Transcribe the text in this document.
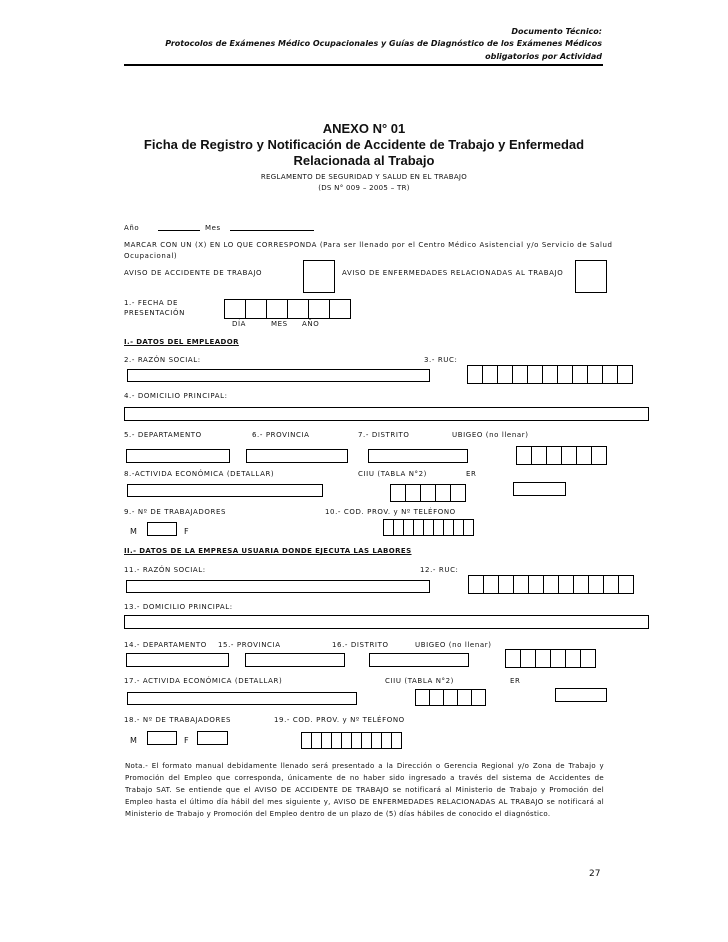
Documento Técnico:
Protocolos de Exámenes Médico Ocupacionales y Guías de Diagnóstico de los Exámenes Médicos
obligatorios por Actividad
ANEXO N° 01
Ficha de Registro y Notificación de Accidente de Trabajo y Enfermedad
Relacionada al Trabajo
REGLAMENTO DE SEGURIDAD Y SALUD EN EL TRABAJO
(DS N° 009 – 2005 – TR)
Año	Mes
MARCAR CON UN (X) EN LO QUE CORRESPONDA (Para ser llenado por el Centro Médico Asistencial y/o Servicio de Salud
Ocupacional)
AVISO DE ACCIDENTE DE TRABAJO	AVISO DE ENFERMEDADES RELACIONADAS AL TRABAJO
1.- FECHA DE
PRESENTACIÓN
DÍA	MES AÑO
I.- DATOS DEL EMPLEADOR
2.- RAZÓN SOCIAL:	3.- RUC:
4.- DOMICILIO PRINCIPAL:
5.- DEPARTAMENTO	6.- PROVINCIA	7.- DISTRITO	UBIGEO (no llenar)
8.-ACTIVIDA ECONÓMICA (DETALLAR)	CIIU (TABLA N°2)	ER
9.- Nº DE TRABAJADORES	10.- COD. PROV. y Nº TELÉFONO
M	F
II.- DATOS DE LA EMPRESA USUARIA DONDE EJECUTA LAS LABORES
11.- RAZÓN SOCIAL:	12.- RUC:
13.- DOMICILIO PRINCIPAL:
14.- DEPARTAMENTO 15.- PROVINCIA	16.- DISTRITO	UBIGEO (no llenar)
17.- ACTIVIDA ECONÓMICA (DETALLAR)	CIIU (TABLA N°2)	ER
18.- Nº DE TRABAJADORES	19.- COD. PROV. y Nº TELÉFONO
M	F
Nota.- El formato manual debidamente llenado será presentado a la Dirección o Gerencia Regional y/o Zona de Trabajo y Promoción del Empleo que corresponda, únicamente de no haber sido ingresado a través del sistema de Accidentes de Trabajo SAT. Se entiende que el AVISO DE ACCIDENTE DE TRABAJO se notificará al Ministerio de Trabajo y Promoción del Empleo hasta el último día hábil del mes siguiente y, AVISO DE ENFERMEDADES RELACIONADAS AL TRABAJO se notificará al Ministerio de Trabajo y Promoción del Empleo dentro de un plazo de (5) días hábiles de conocido el diagnóstico.
27
